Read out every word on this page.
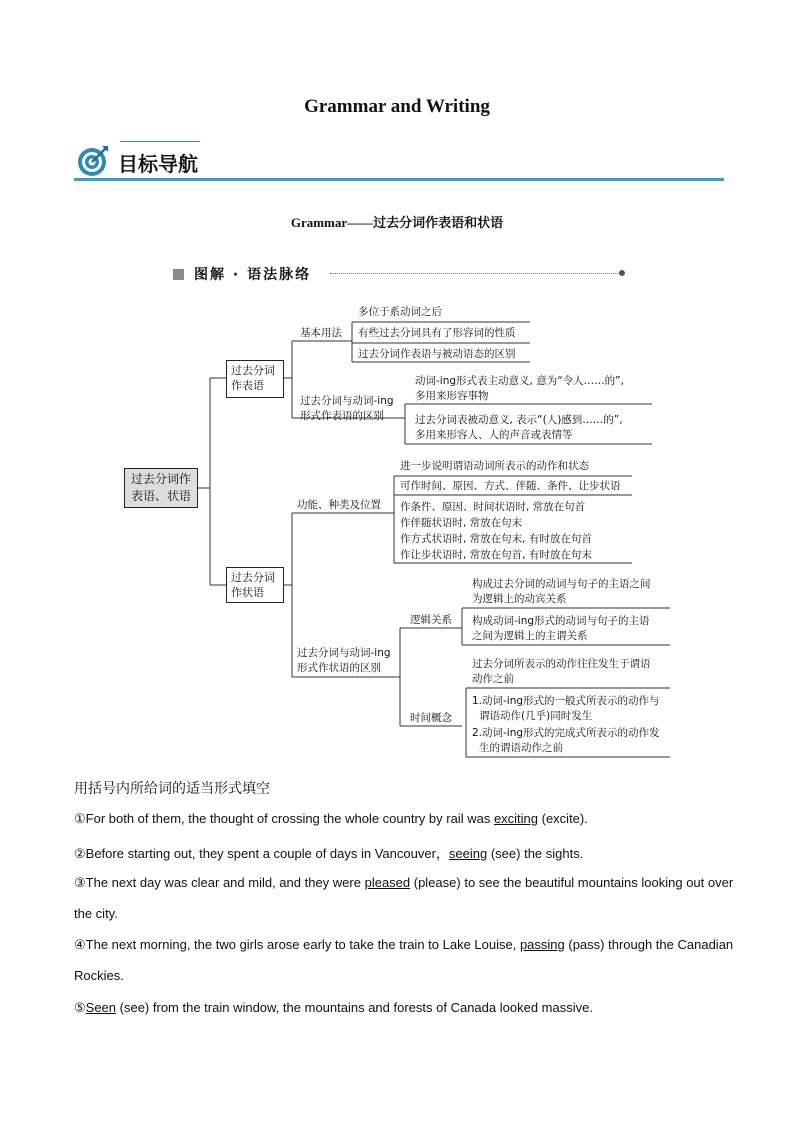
Grammar and Writing
目标导航
Grammar——过去分词作表语和状语
图解 · 语法脉络
过去分词作
表语、状语
过去分词
作表语
基本用法
多位于系动词之后
有些过去分词具有了形容词的性质
过去分词作表语与被动语态的区别
过去分词与动词-ing
形式作表语的区别
动词-ing形式表主动意义, 意为“令人……的”,
多用来形容事物
过去分词表被动意义, 表示“(人)感到……的”,
多用来形容人、人的声音或表情等
过去分词
作状语
功能、种类及位置
进一步说明谓语动词所表示的动作和状态
可作时间、原因、方式、伴随、条件、让步状语
作条件、原因、时间状语时, 常放在句首
作伴随状语时, 常放在句末
作方式状语时, 常放在句末, 有时放在句首
作让步状语时, 常放在句首, 有时放在句末
过去分词与动词-ing
形式作状语的区别
逻辑关系
构成过去分词的动词与句子的主语之间
为逻辑上的动宾关系
构成动词-ing形式的动词与句子的主语
之间为逻辑上的主谓关系
时间概念
过去分词所表示的动作往往发生于谓语
动作之前
1.动词-ing形式的一般式所表示的动作与
谓语动作(几乎)同时发生
2.动词-ing形式的完成式所表示的动作发
生的谓语动作之前
用括号内所给词的适当形式填空
①For both of them, the thought of crossing the whole country by rail was exciting (excite).
②Before starting out, they spent a couple of days in Vancouver，seeing (see) the sights.
③The next day was clear and mild, and they were pleased (please) to see the beautiful mountains looking out over
the city.
④The next morning, the two girls arose early to take the train to Lake Louise, passing (pass) through the Canadian
Rockies.
⑤Seen (see) from the train window, the mountains and forests of Canada looked massive.
